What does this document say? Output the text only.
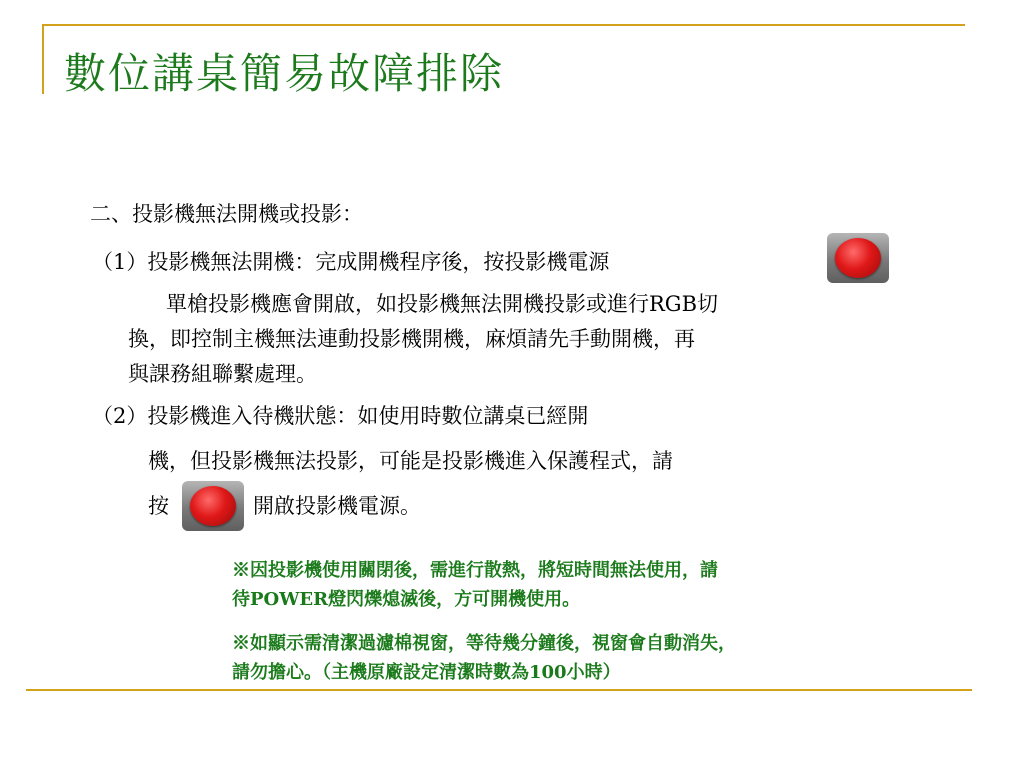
數位講桌簡易故障排除
二、投影機無法開機或投影：
（1）投影機無法開機：完成開機程序後，按投影機電源
單槍投影機應會開啟，如投影機無法開機投影或進行RGB切
換，即控制主機無法連動投影機開機，麻煩請先手動開機，再
與課務組聯繫處理。
（2）投影機進入待機狀態：如使用時數位講桌已經開
機，但投影機無法投影，可能是投影機進入保護程式，請
按	開啟投影機電源。
※因投影機使用關閉後，需進行散熱，將短時間無法使用，請
待POWER燈閃爍熄滅後，方可開機使用。
※如顯示需清潔過濾棉視窗，等待幾分鐘後，視窗會自動消失，
請勿擔心。（主機原廠設定清潔時數為100小時）
